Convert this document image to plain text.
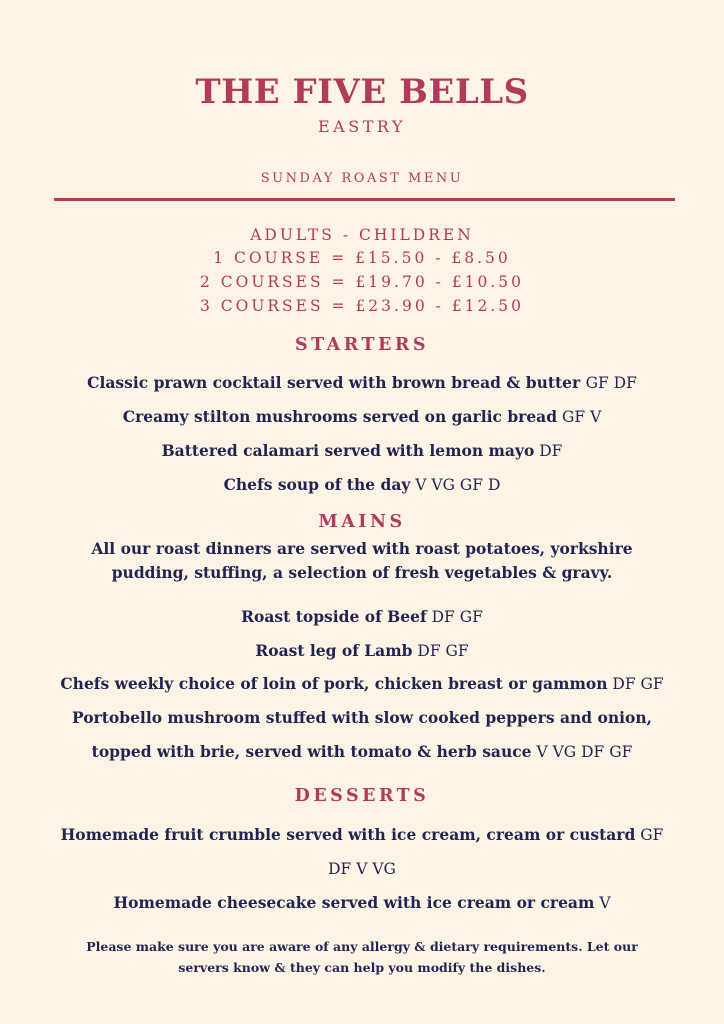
THE FIVE BELLS
EASTRY
SUNDAY ROAST MENU
ADULTS - CHILDREN
1 COURSE = £15.50 - £8.50
2 COURSES = £19.70 - £10.50
3 COURSES = £23.90 - £12.50
STARTERS
Classic prawn cocktail served with brown bread & butter GF DF
Creamy stilton mushrooms served on garlic bread GF V
Battered calamari served with lemon mayo DF
Chefs soup of the day V VG GF D
MAINS
All our roast dinners are served with roast potatoes, yorkshire
pudding, stuffing, a selection of fresh vegetables & gravy.
Roast topside of Beef DF GF
Roast leg of Lamb DF GF
Chefs weekly choice of loin of pork, chicken breast or gammon DF GF
Portobello mushroom stuffed with slow cooked peppers and onion,
topped with brie, served with tomato & herb sauce V VG DF GF
DESSERTS
Homemade fruit crumble served with ice cream, cream or custard GF
DF V VG
Homemade cheesecake served with ice cream or cream V
Please make sure you are aware of any allergy & dietary requirements. Let our
servers know & they can help you modify the dishes.
